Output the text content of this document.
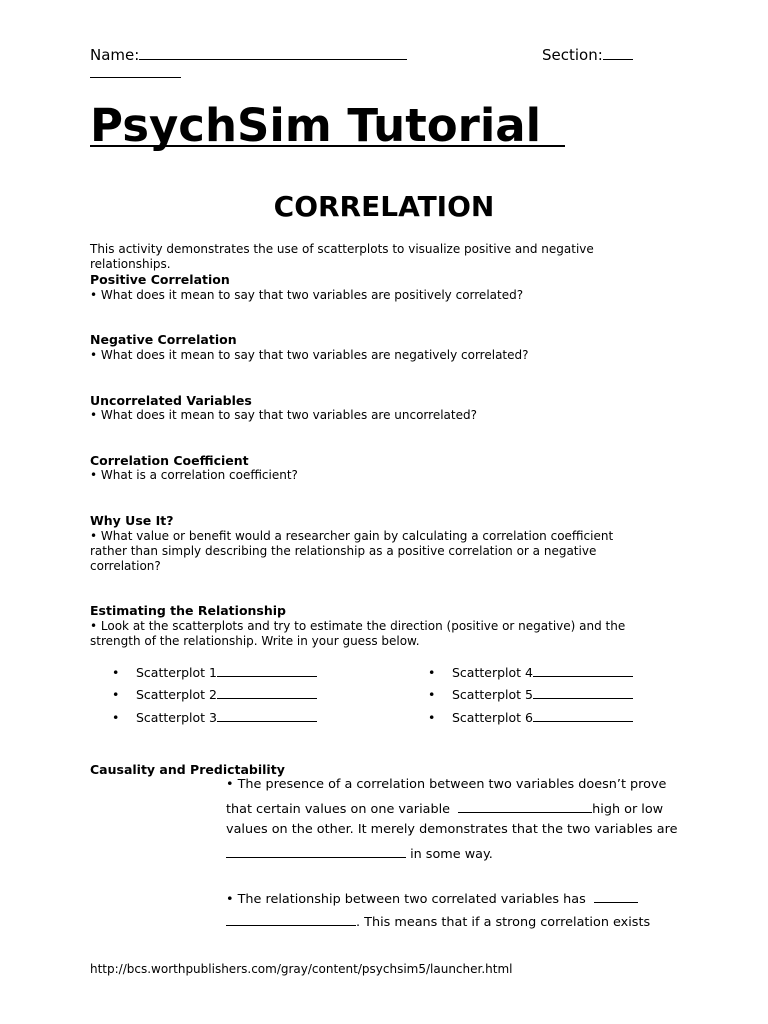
Name:	Section:
PsychSim Tutorial
CORRELATION
This activity demonstrates the use of scatterplots to visualize positive and negative relationships.
Positive Correlation
• What does it mean to say that two variables are positively correlated?
Negative Correlation
• What does it mean to say that two variables are negatively correlated?
Uncorrelated Variables
• What does it mean to say that two variables are uncorrelated?
Correlation Coefficient
• What is a correlation coefficient?
Why Use It?
• What value or benefit would a researcher gain by calculating a correlation coefficient
rather than simply describing the relationship as a positive correlation or a negative
correlation?
Estimating the Relationship
• Look at the scatterplots and try to estimate the direction (positive or negative) and the
strength of the relationship. Write in your guess below.
• Scatterplot 1
• Scatterplot 2
• Scatterplot 3
• Scatterplot 4
• Scatterplot 5
• Scatterplot 6
Causality and Predictability
• The presence of a correlation between two variables doesn’t prove
that certain values on one variable	high or low
values on the other. It merely demonstrates that the two variables are
in some way.
• The relationship between two correlated variables has
. This means that if a strong correlation exists
http://bcs.worthpublishers.com/gray/content/psychsim5/launcher.html
